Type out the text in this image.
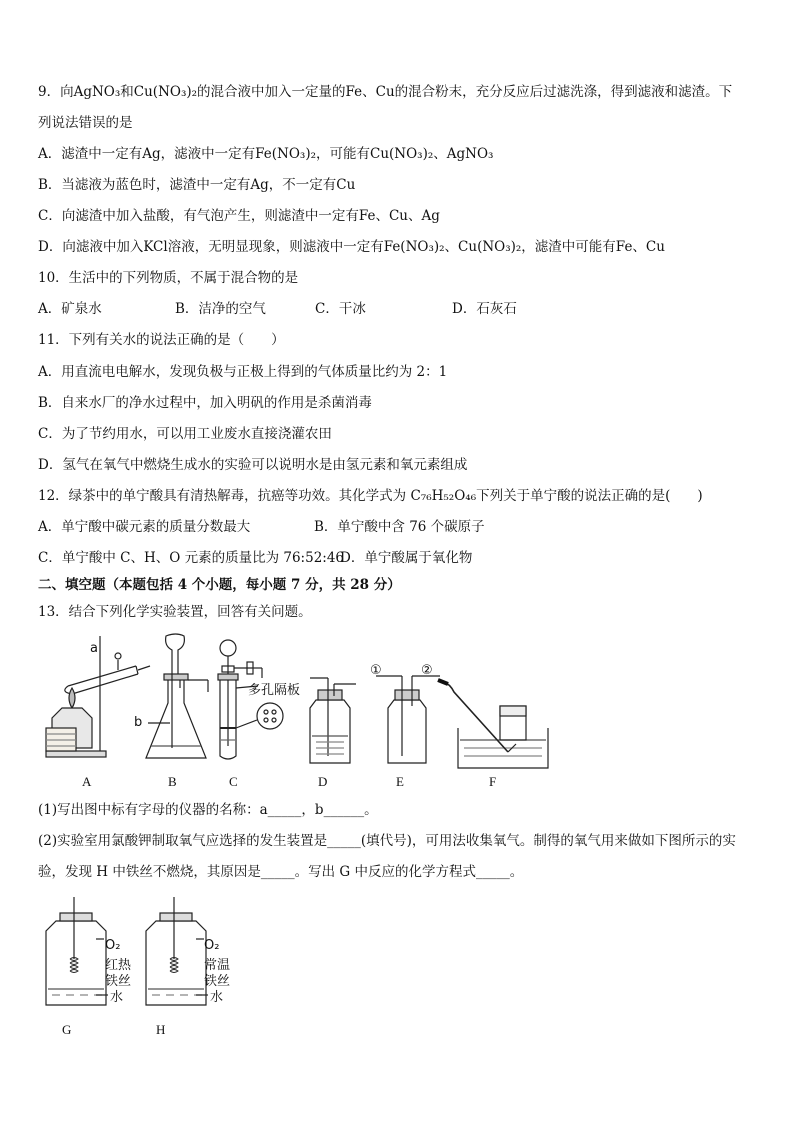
9．向AgNO₃和Cu(NO₃)₂的混合液中加入一定量的Fe、Cu的混合粉末，充分反应后过滤洗涤，得到滤液和滤渣。下
列说法错误的是
A．滤渣中一定有Ag，滤液中一定有Fe(NO₃)₂，可能有Cu(NO₃)₂、AgNO₃
B．当滤液为蓝色时，滤渣中一定有Ag，不一定有Cu
C．向滤渣中加入盐酸，有气泡产生，则滤渣中一定有Fe、Cu、Ag
D．向滤液中加入KCl溶液，无明显现象，则滤液中一定有Fe(NO₃)₂、Cu(NO₃)₂，滤渣中可能有Fe、Cu
10．生活中的下列物质，不属于混合物的是
A．矿泉水	B．洁净的空气	C．干冰	D．石灰石
11．下列有关水的说法正确的是（　　）
A．用直流电电解水，发现负极与正极上得到的气体质量比约为 2：1
B．自来水厂的净水过程中，加入明矾的作用是杀菌消毒
C．为了节约用水，可以用工业废水直接浇灌农田
D．氢气在氧气中燃烧生成水的实验可以说明水是由氢元素和氧元素组成
12．绿茶中的单宁酸具有清热解毒，抗癌等功效。其化学式为 C₇₆H₅₂O₄₆下列关于单宁酸的说法正确的是(　　)
A．单宁酸中碳元素的质量分数最大	B．单宁酸中含 76 个碳原子
C．单宁酸中 C、H、O 元素的质量比为 76:52:46
D．单宁酸属于氧化物
二、填空题（本题包括 4 个小题，每小题 7 分，共 28 分）
13．结合下列化学实验装置，回答有关问题。
a
b
多孔隔板
①	②
A	B	C	D	E	F
(1)写出图中标有字母的仪器的名称：a_____，b______。
(2)实验室用氯酸钾制取氧气应选择的发生装置是_____(填代号)，可用法收集氧气。制得的氧气用来做如下图所示的实
验，发现 H 中铁丝不燃烧，其原因是_____。写出 G 中反应的化学方程式_____。
O₂
红热
铁丝
水
O₂
常温
铁丝
水
G	H
